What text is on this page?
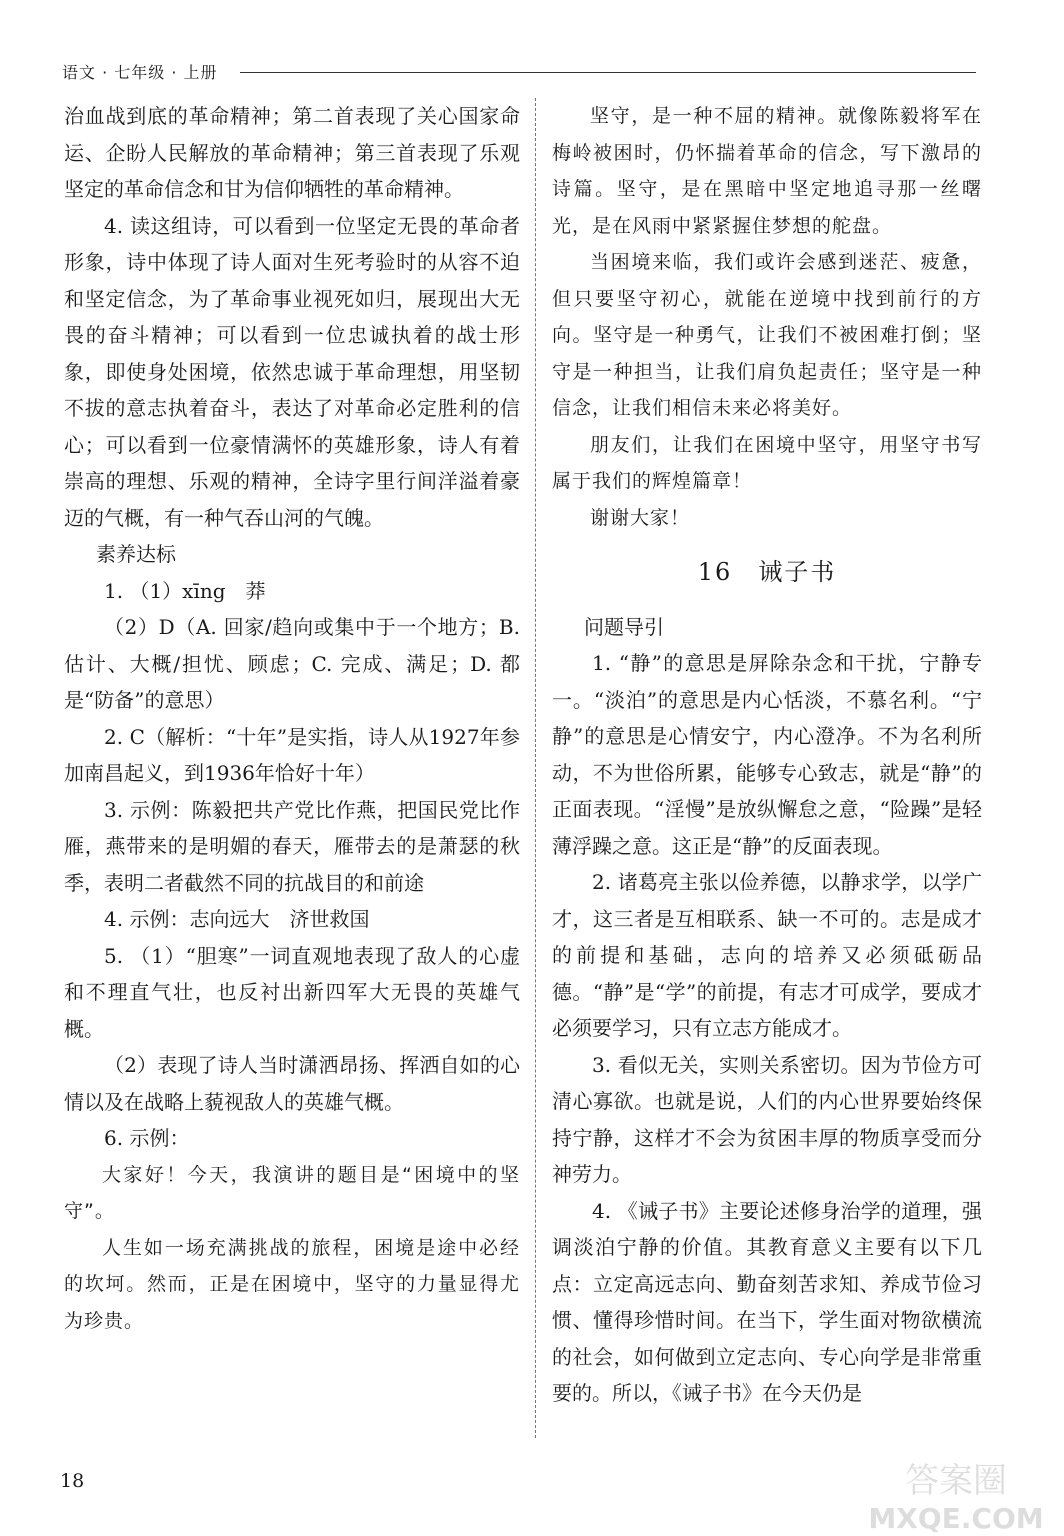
语文 · 七年级 · 上册

治血战到底的革命精神；第二首表现了关心国家命运、企盼人民解放的革命精神；第三首表现了乐观坚定的革命信念和甘为信仰牺牲的革命精神。

4. 读这组诗，可以看到一位坚定无畏的革命者形象，诗中体现了诗人面对生死考验时的从容不迫和坚定信念，为了革命事业视死如归，展现出大无畏的奋斗精神；可以看到一位忠诚执着的战士形象，即使身处困境，依然忠诚于革命理想，用坚韧不拔的意志执着奋斗，表达了对革命必定胜利的信心；可以看到一位豪情满怀的英雄形象，诗人有着崇高的理想、乐观的精神，全诗字里行间洋溢着豪迈的气概，有一种气吞山河的气魄。

素养达标

1. （1）xīng　莽

（2）D（A. 回家/趋向或集中于一个地方；B. 估计、大概/担忧、顾虑；C. 完成、满足；D. 都是“防备”的意思）

2. C（解析：“十年”是实指，诗人从1927年参加南昌起义，到1936年恰好十年）

3. 示例：陈毅把共产党比作燕，把国民党比作雁，燕带来的是明媚的春天，雁带去的是萧瑟的秋季，表明二者截然不同的抗战目的和前途

4. 示例：志向远大　济世救国

5. （1）“胆寒”一词直观地表现了敌人的心虚和不理直气壮，也反衬出新四军大无畏的英雄气概。

（2）表现了诗人当时潇洒昂扬、挥洒自如的心情以及在战略上藐视敌人的英雄气概。

6. 示例：

大家好！今天，我演讲的题目是“困境中的坚守”。

人生如一场充满挑战的旅程，困境是途中必经的坎坷。然而，正是在困境中，坚守的力量显得尤为珍贵。

坚守，是一种不屈的精神。就像陈毅将军在梅岭被困时，仍怀揣着革命的信念，写下激昂的诗篇。坚守，是在黑暗中坚定地追寻那一丝曙光，是在风雨中紧紧握住梦想的舵盘。

当困境来临，我们或许会感到迷茫、疲惫，但只要坚守初心，就能在逆境中找到前行的方向。坚守是一种勇气，让我们不被困难打倒；坚守是一种担当，让我们肩负起责任；坚守是一种信念，让我们相信未来必将美好。

朋友们，让我们在困境中坚守，用坚守书写属于我们的辉煌篇章！

谢谢大家！

16　诫子书

问题导引

1. “静”的意思是屏除杂念和干扰，宁静专一。“淡泊”的意思是内心恬淡，不慕名利。“宁静”的意思是心情安宁，内心澄净。不为名利所动，不为世俗所累，能够专心致志，就是“静”的正面表现。“淫慢”是放纵懈怠之意，“险躁”是轻薄浮躁之意。这正是“静”的反面表现。

2. 诸葛亮主张以俭养德，以静求学，以学广才，这三者是互相联系、缺一不可的。志是成才的前提和基础，志向的培养又必须砥砺品德。“静”是“学”的前提，有志才可成学，要成才必须要学习，只有立志方能成才。

3. 看似无关，实则关系密切。因为节俭方可清心寡欲。也就是说，人们的内心世界要始终保持宁静，这样才不会为贫困丰厚的物质享受而分神劳力。

4. 《诫子书》主要论述修身治学的道理，强调淡泊宁静的价值。其教育意义主要有以下几点：立定高远志向、勤奋刻苦求知、养成节俭习惯、懂得珍惜时间。在当下，学生面对物欲横流的社会，如何做到立定志向、专心向学是非常重要的。所以，《诫子书》在今天仍是

18	答案圈
MXQE.COM
